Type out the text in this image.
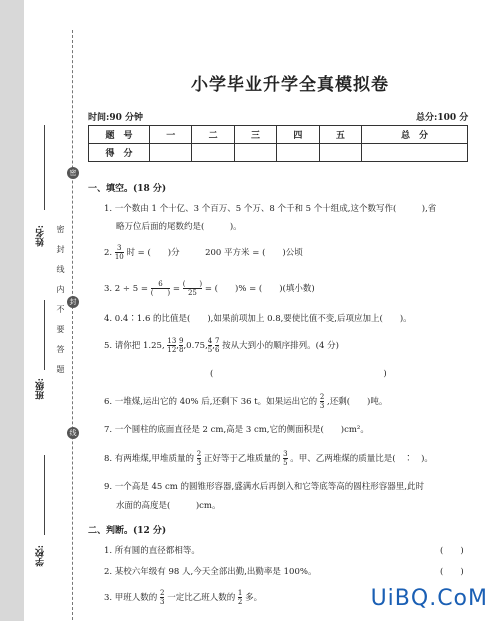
姓名:
班级:
学校:
密　封　线　内　不　要　答　题
密
封
线
小学毕业升学全真模拟卷
时间:90 分钟	总分:100 分
题　号	一	二	三	四	五	总　分
得　分						
一、填空。(18 分)
1. 一个数由 1 个十亿、3 个百万、5 个万、8 个千和 5 个十组成,这个数写作(　　　),省
略万位后面的尾数约是(　　　)。
2. $\frac{3}{10}$ 时 = (　　)分　　　200 平方米 = (　　)公顷
3. $2 \div 5 = \frac{6}{( )} = \frac{( )}{25}$ = (　　)% = (　　)(填小数)
4. 0.4∶1.6 的比值是(　　),如果前项加上 0.8,要使比值不变,后项应加上(　　)。
5. 请你把 1.25, $\frac{13}{12}$ , $\frac{9}{8} ,0.75$, $\frac{4}{5}$ , $\frac{7}{6}$ 按从大到小的顺序排列。(4 分)
(　　　　　　　　　　　　　　　　　　　　)
6. 一堆煤,运出它的 40% 后,还剩下 36 t。如果运出它的 $\frac{2}{3}$ ,还剩(　　)吨。
7. 一个圆柱的底面直径是 2 cm,高是 3 cm,它的侧面积是(　　)cm²。
8. 有两堆煤,甲堆质量的 $\frac{2}{3}$ 正好等于乙堆质量的 $\frac{3}{5}$ 。甲、乙两堆煤的质量比是(　∶　)。
9. 一个高是 45 cm 的圆锥形容器,盛满水后再倒入和它等底等高的圆柱形容器里,此时
水面的高度是(　　　)cm。
二、判断。(12 分)
1. 所有圆的直径都相等。	(　　)
2. 某校六年级有 98 人,今天全部出勤,出勤率是 100%。	(　　)
3. 甲班人数的 $\frac{2}{3}$ 一定比乙班人数的 $\frac{1}{2}$ 多。	UiBQ.CoM
